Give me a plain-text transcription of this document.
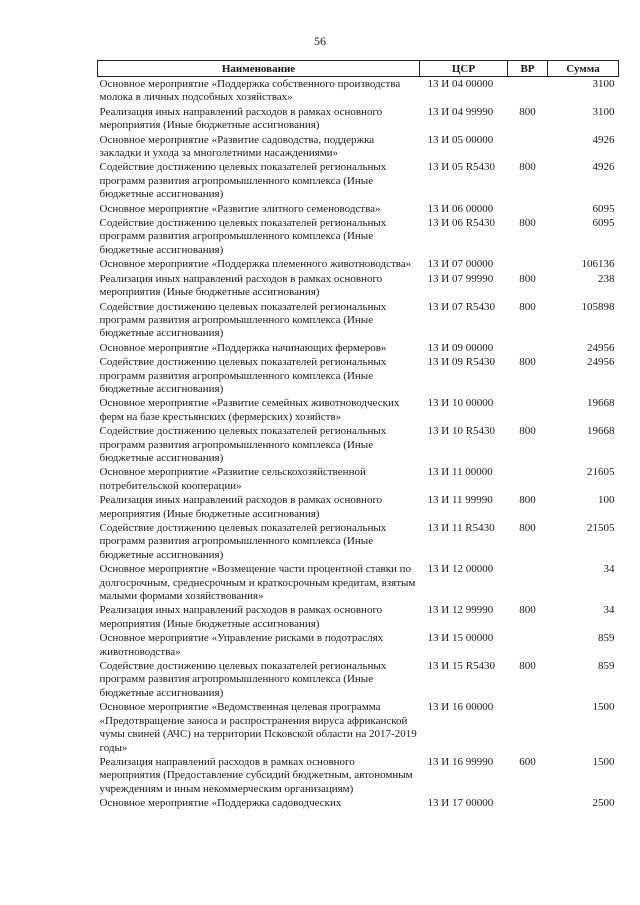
56
Наименование	ЦСР	ВР	Сумма
Основное мероприятие «Поддержка собственного производства молока в личных подсобных хозяйствах»	13 И 04 00000		3100
Реализация иных направлений расходов в рамках основного мероприятия (Иные бюджетные ассигнования)	13 И 04 99990	800	3100
Основное мероприятие «Развитие садоводства, поддержка закладки и ухода за многолетними насаждениями»	13 И 05 00000		4926
Содействие достижению целевых показателей региональных программ развития агропромышленного комплекса (Иные бюджетные ассигнования)	13 И 05 R5430	800	4926
Основное мероприятие «Развитие элитного семеноводства»	13 И 06 00000		6095
Содействие достижению целевых показателей региональных программ развития агропромышленного комплекса (Иные бюджетные ассигнования)	13 И 06 R5430	800	6095
Основное мероприятие «Поддержка племенного животноводства»	13 И 07 00000		106136
Реализация иных направлений расходов в рамках основного мероприятия (Иные бюджетные ассигнования)	13 И 07 99990	800	238
Содействие достижению целевых показателей региональных программ развития агропромышленного комплекса (Иные бюджетные ассигнования)	13 И 07 R5430	800	105898
Основное мероприятие «Поддержка начинающих фермеров»	13 И 09 00000		24956
Содействие достижению целевых показателей региональных программ развития агропромышленного комплекса (Иные бюджетные ассигнования)	13 И 09 R5430	800	24956
Основное мероприятие «Развитие семейных животноводческих ферм на базе крестьянских (фермерских) хозяйств»	13 И 10 00000		19668
Содействие достижению целевых показателей региональных программ развития агропромышленного комплекса (Иные бюджетные ассигнования)	13 И 10 R5430	800	19668
Основное мероприятие «Развитие сельскохозяйственной потребительской кооперации»	13 И 11 00000		21605
Реализация иных направлений расходов в рамках основного мероприятия (Иные бюджетные ассигнования)	13 И 11 99990	800	100
Содействие достижению целевых показателей региональных программ развития агропромышленного комплекса (Иные бюджетные ассигнования)	13 И 11 R5430	800	21505
Основное мероприятие «Возмещение части процентной ставки по долгосрочным, среднесрочным и краткосрочным кредитам, взятым малыми формами хозяйствования»	13 И 12 00000		34
Реализация иных направлений расходов в рамках основного мероприятия (Иные бюджетные ассигнования)	13 И 12 99990	800	34
Основное мероприятие «Управление рисками в подотраслях животноводства»	13 И 15 00000		859
Содействие достижению целевых показателей региональных программ развития агропромышленного комплекса (Иные бюджетные ассигнования)	13 И 15 R5430	800	859
Основное мероприятие «Ведомственная целевая программа «Предотвращение заноса и распространения вируса африканской чумы свиней (АЧС) на территории Псковской области на 2017-2019 годы»	13 И 16 00000		1500
Реализация направлений расходов в рамках основного мероприятия (Предоставление субсидий бюджетным, автономным учреждениям и иным некоммерческим организациям)	13 И 16 99990	600	1500
Основное мероприятие «Поддержка садоводческих	13 И 17 00000		2500
